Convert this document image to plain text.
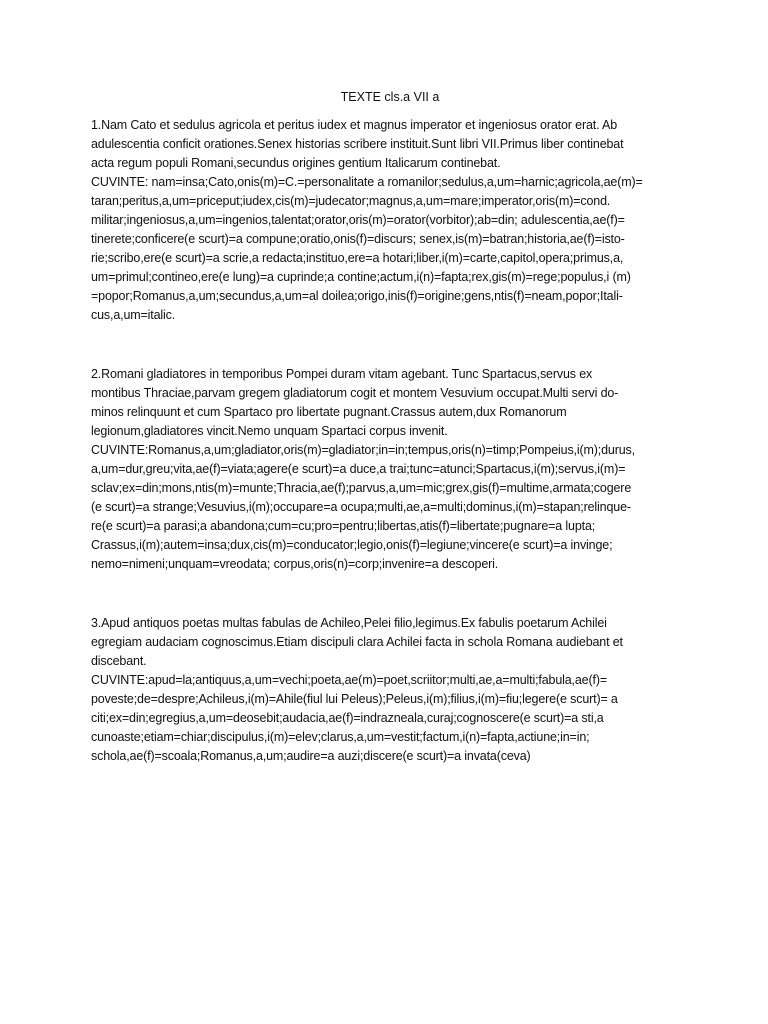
TEXTE cls.a VII a

1.Nam Cato et sedulus agricola et peritus iudex et magnus imperator et ingeniosus orator erat. Ab

adulescentia conficit orationes.Senex historias scribere instituit.Sunt libri VII.Primus liber continebat

acta regum populi Romani,secundus origines gentium Italicarum continebat.

CUVINTE: nam=insa;Cato,onis(m)=C.=personalitate a romanilor;sedulus,a,um=harnic;agricola,ae(m)=

taran;peritus,a,um=priceput;iudex,cis(m)=judecator;magnus,a,um=mare;imperator,oris(m)=cond.

militar;ingeniosus,a,um=ingenios,talentat;orator,oris(m)=orator(vorbitor);ab=din; adulescentia,ae(f)=

tinerete;conficere(e scurt)=a compune;oratio,onis(f)=discurs; senex,is(m)=batran;historia,ae(f)=isto-

rie;scribo,ere(e scurt)=a scrie,a redacta;instituo,ere=a hotari;liber,i(m)=carte,capitol,opera;primus,a,

um=primul;contineo,ere(e lung)=a cuprinde;a contine;actum,i(n)=fapta;rex,gis(m)=rege;populus,i (m)

=popor;Romanus,a,um;secundus,a,um=al doilea;origo,inis(f)=origine;gens,ntis(f)=neam,popor;Itali-

cus,a,um=italic.

2.Romani gladiatores in temporibus Pompei duram vitam agebant. Tunc Spartacus,servus ex

montibus Thraciae,parvam gregem gladiatorum cogit et montem Vesuvium occupat.Multi servi do-

minos relinquunt et cum Spartaco pro libertate pugnant.Crassus autem,dux Romanorum

legionum,gladiatores vincit.Nemo unquam Spartaci corpus invenit.

CUVINTE:Romanus,a,um;gladiator,oris(m)=gladiator;in=in;tempus,oris(n)=timp;Pompeius,i(m);durus,

a,um=dur,greu;vita,ae(f)=viata;agere(e scurt)=a duce,a trai;tunc=atunci;Spartacus,i(m);servus,i(m)=

sclav;ex=din;mons,ntis(m)=munte;Thracia,ae(f);parvus,a,um=mic;grex,gis(f)=multime,armata;cogere

(e scurt)=a strange;Vesuvius,i(m);occupare=a ocupa;multi,ae,a=multi;dominus,i(m)=stapan;relinque-

re(e scurt)=a parasi;a abandona;cum=cu;pro=pentru;libertas,atis(f)=libertate;pugnare=a lupta;

Crassus,i(m);autem=insa;dux,cis(m)=conducator;legio,onis(f)=legiune;vincere(e scurt)=a invinge;

nemo=nimeni;unquam=vreodata; corpus,oris(n)=corp;invenire=a descoperi.

3.Apud antiquos poetas multas fabulas de Achileo,Pelei filio,legimus.Ex fabulis poetarum Achilei

egregiam audaciam cognoscimus.Etiam discipuli clara Achilei facta in schola Romana audiebant et

discebant.

CUVINTE:apud=la;antiquus,a,um=vechi;poeta,ae(m)=poet,scriitor;multi,ae,a=multi;fabula,ae(f)=

poveste;de=despre;Achileus,i(m)=Ahile(fiul lui Peleus);Peleus,i(m);filius,i(m)=fiu;legere(e scurt)= a

citi;ex=din;egregius,a,um=deosebit;audacia,ae(f)=indrazneala,curaj;cognoscere(e scurt)=a sti,a

cunoaste;etiam=chiar;discipulus,i(m)=elev;clarus,a,um=vestit;factum,i(n)=fapta,actiune;in=in;

schola,ae(f)=scoala;Romanus,a,um;audire=a auzi;discere(e scurt)=a invata(ceva)
